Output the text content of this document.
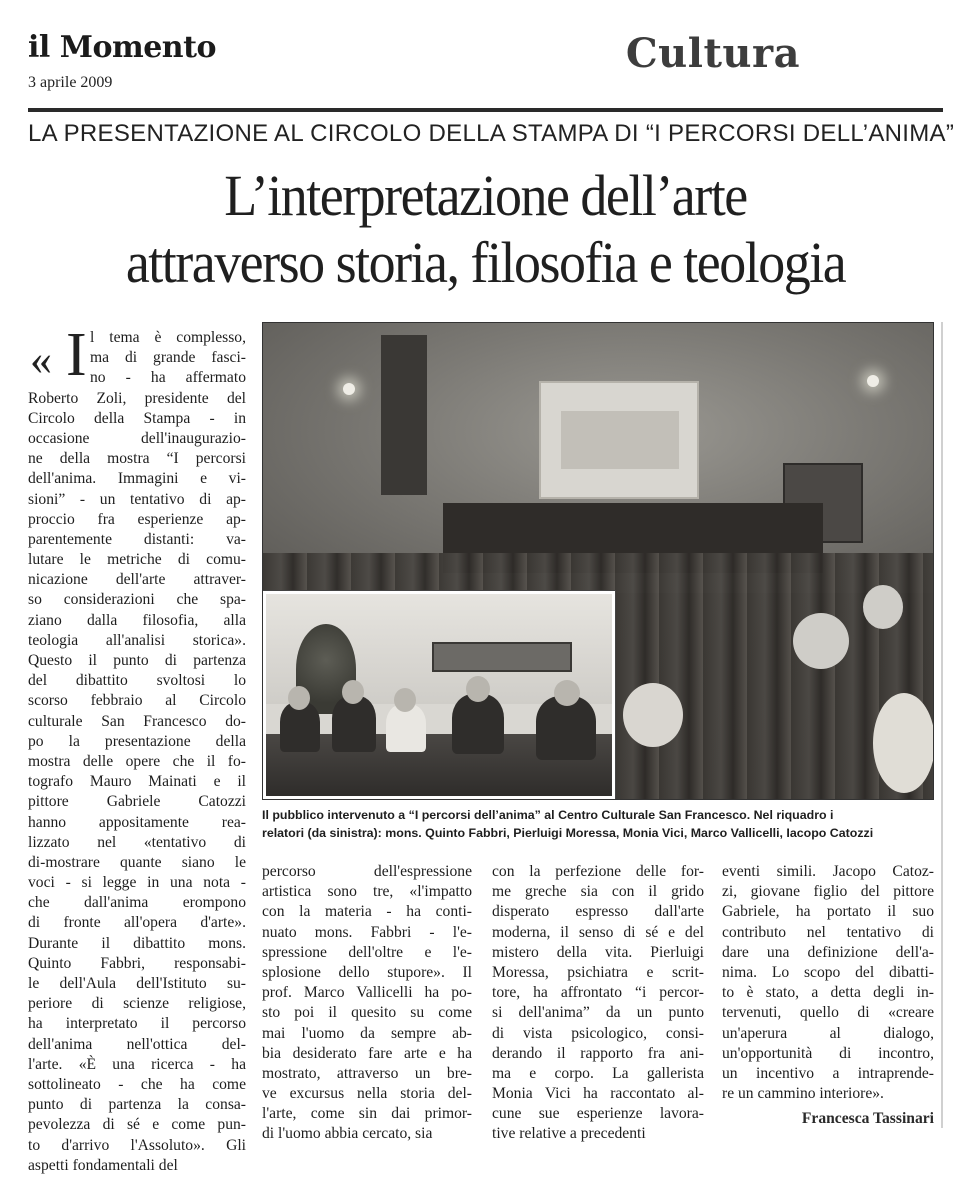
il Momento
3 aprile 2009
Cultura
LA PRESENTAZIONE AL CIRCOLO DELLA STAMPA DI “I PERCORSI DELL’ANIMA”
L’interpretazione dell’arte
attraverso storia, filosofia e teologia
« I l tema è complesso,
ma di grande fasci-
no - ha affermato
Roberto Zoli, presidente del
Circolo della Stampa - in
occasione dell'inaugurazio-
ne della mostra “I percorsi
dell'anima. Immagini e vi-
sioni” - un tentativo di ap-
proccio fra esperienze ap-
parentemente distanti: va-
lutare le metriche di comu-
nicazione dell'arte attraver-
so considerazioni che spa-
ziano dalla filosofia, alla
teologia all'analisi storica».
Questo il punto di partenza
del dibattito svoltosi lo
scorso febbraio al Circolo
culturale San Francesco do-
po la presentazione della
mostra delle opere che il fo-
tografo Mauro Mainati e il
pittore Gabriele Catozzi
hanno appositamente rea-
lizzato nel «tentativo di
di-mostrare quante siano le
voci - si legge in una nota -
che dall'anima erompono
di fronte all'opera d'arte».
Durante il dibattito mons.
Quinto Fabbri, responsabi-
le dell'Aula dell'Istituto su-
periore di scienze religiose,
ha interpretato il percorso
dell'anima nell'ottica del-
l'arte. «È una ricerca - ha
sottolineato - che ha come
punto di partenza la consa-
pevolezza di sé e come pun-
to d'arrivo l'Assoluto». Gli
aspetti fondamentali del
percorso dell'espressione
artistica sono tre, «l'impatto
con la materia - ha conti-
nuato mons. Fabbri - l'e-
spressione dell'oltre e l'e-
splosione dello stupore». Il
prof. Marco Vallicelli ha po-
sto poi il quesito su come
mai l'uomo da sempre ab-
bia desiderato fare arte e ha
mostrato, attraverso un bre-
ve excursus nella storia del-
l'arte, come sin dai primor-
di l'uomo abbia cercato, sia
con la perfezione delle for-
me greche sia con il grido
disperato espresso dall'arte
moderna, il senso di sé e del
mistero della vita. Pierluigi
Moressa, psichiatra e scrit-
tore, ha affrontato “i percor-
si dell'anima” da un punto
di vista psicologico, consi-
derando il rapporto fra ani-
ma e corpo. La gallerista
Monia Vici ha raccontato al-
cune sue esperienze lavora-
tive relative a precedenti
eventi simili. Jacopo Catoz-
zi, giovane figlio del pittore
Gabriele, ha portato il suo
contributo nel tentativo di
dare una definizione dell'a-
nima. Lo scopo del dibatti-
to è stato, a detta degli in-
tervenuti, quello di «creare
un'aperura al dialogo,
un'opportunità di incontro,
un incentivo a intraprende-
re un cammino interiore».
Il pubblico intervenuto a “I percorsi dell’anima” al Centro Culturale San Francesco. Nel riquadro i
relatori (da sinistra): mons. Quinto Fabbri, Pierluigi Moressa, Monia Vici, Marco Vallicelli, Iacopo Catozzi
Francesca Tassinari
